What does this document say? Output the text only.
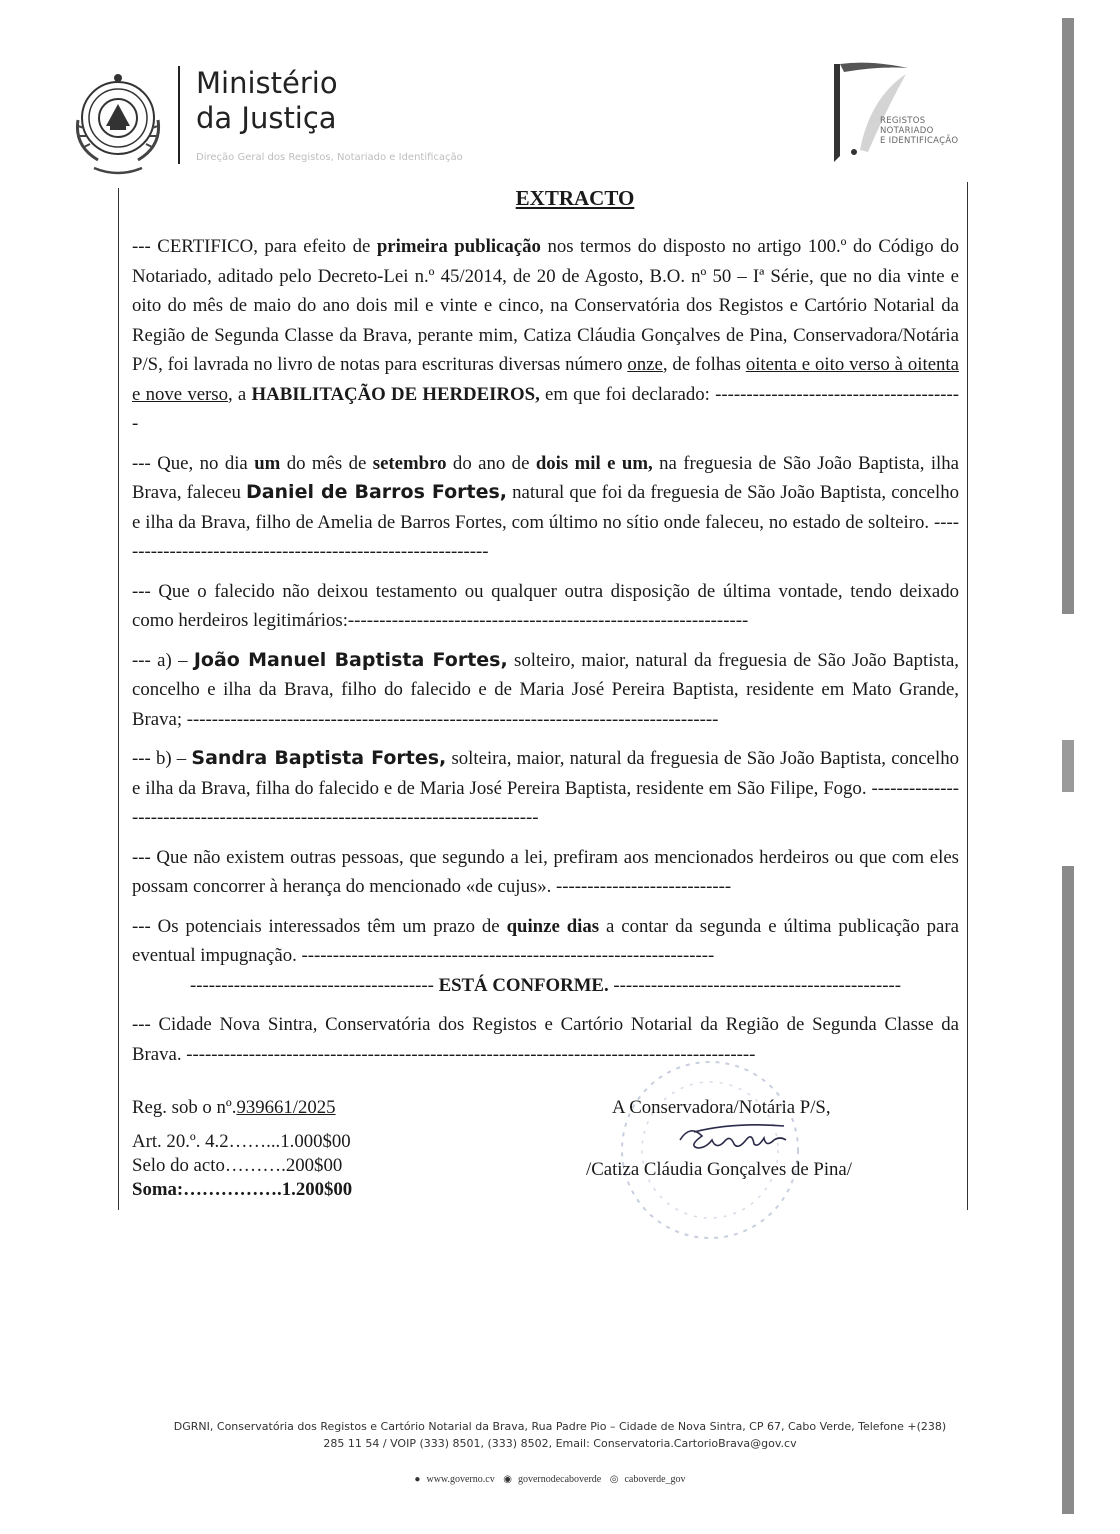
Ministério
da Justiça
Direção Geral dos Registos, Notariado e Identificação
REGISTOS
NOTARIADO
E IDENTIFICAÇÃO
EXTRACTO

--- CERTIFICO, para efeito de primeira publicação nos termos do disposto no artigo 100.º do Código do Notariado, aditado pelo Decreto-Lei n.º 45/2014, de 20 de Agosto, B.O. nº 50 – Iª Série, que no dia vinte e oito do mês de maio do ano dois mil e vinte e cinco, na Conservatória dos Registos e Cartório Notarial da Região de Segunda Classe da Brava, perante mim, Catiza Cláudia Gonçalves de Pina, Conservadora/Notária P/S, foi lavrada no livro de notas para escrituras diversas número onze, de folhas oitenta e oito verso à oitenta e nove verso, a HABILITAÇÃO DE HERDEIROS, em que foi declarado: ----------------------------------------

--- Que, no dia um do mês de setembro do ano de dois mil e um, na freguesia de São João Baptista, ilha Brava, faleceu Daniel de Barros Fortes, natural que foi da freguesia de São João Baptista, concelho e ilha da Brava, filho de Amelia de Barros Fortes, com último no sítio onde faleceu, no estado de solteiro. -------------------------------------------------------------

--- Que o falecido não deixou testamento ou qualquer outra disposição de última vontade, tendo deixado como herdeiros legitimários:----------------------------------------------------------------

--- a) – João Manuel Baptista Fortes, solteiro, maior, natural da freguesia de São João Baptista, concelho e ilha da Brava, filho do falecido e de Maria José Pereira Baptista, residente em Mato Grande, Brava; -------------------------------------------------------------------------------------

--- b) – Sandra Baptista Fortes, solteira, maior, natural da freguesia de São João Baptista, concelho e ilha da Brava, filha do falecido e de Maria José Pereira Baptista, residente em São Filipe, Fogo. -------------------------------------------------------------------------------

--- Que não existem outras pessoas, que segundo a lei, prefiram aos mencionados herdeiros ou que com eles possam concorrer à herança do mencionado «de cujus». ----------------------------

--- Os potenciais interessados têm um prazo de quinze dias a contar da segunda e última publicação para eventual impugnação. ------------------------------------------------------------------

--------------------------------------- ESTÁ CONFORME. ----------------------------------------------

--- Cidade Nova Sintra, Conservatória dos Registos e Cartório Notarial da Região de Segunda Classe da Brava. -------------------------------------------------------------------------------------------

Reg. sob o nº.939661/2025
Art. 20.º. 4.2……...1.000$00
Selo do acto……….200$00
Soma:…………….1.200$00
A Conservadora/Notária P/S,
/Catiza Cláudia Gonçalves de Pina/
DGRNI, Conservatória dos Registos e Cartório Notarial da Brava, Rua Padre Pio – Cidade de Nova Sintra, CP 67, Cabo Verde, Telefone +(238)
285 11 54 / VOIP (333) 8501, (333) 8502, Email: Conservatoria.CartorioBrava@gov.cv
● www.governo.cv ◉ governodecaboverde ◎ caboverde_gov
